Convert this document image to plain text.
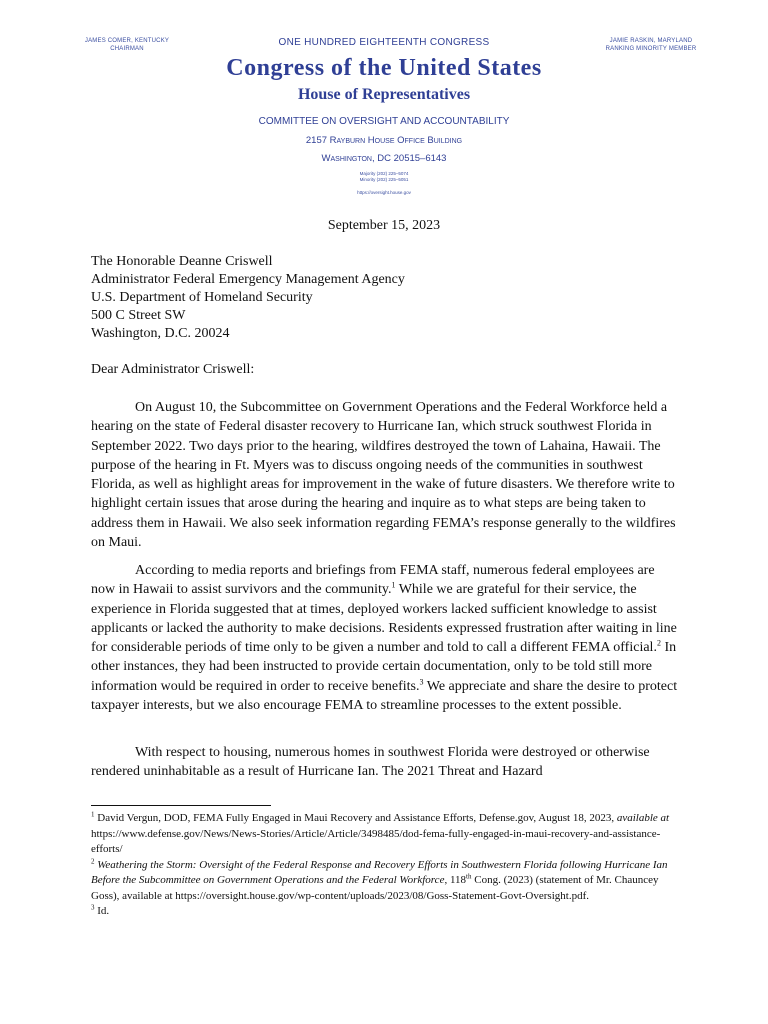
JAMES COMER, KENTUCKY
CHAIRMAN
JAMIE RASKIN, MARYLAND
RANKING MINORITY MEMBER
ONE HUNDRED EIGHTEENTH CONGRESS
Congress of the United States
House of Representatives
COMMITTEE ON OVERSIGHT AND ACCOUNTABILITY
2157 Rayburn House Office Building
Washington, DC 20515–6143
Majority (202) 225–5074
Minority (202) 225–5051
https://oversight.house.gov
September 15, 2023
The Honorable Deanne Criswell
Administrator Federal Emergency Management Agency
U.S. Department of Homeland Security
500 C Street SW
Washington, D.C. 20024
Dear Administrator Criswell:

On August 10, the Subcommittee on Government Operations and the Federal Workforce held a hearing on the state of Federal disaster recovery to Hurricane Ian, which struck southwest Florida in September 2022. Two days prior to the hearing, wildfires destroyed the town of Lahaina, Hawaii. The purpose of the hearing in Ft. Myers was to discuss ongoing needs of the communities in southwest Florida, as well as highlight areas for improvement in the wake of future disasters. We therefore write to highlight certain issues that arose during the hearing and inquire as to what steps are being taken to address them in Hawaii. We also seek information regarding FEMA’s response generally to the wildfires on Maui.

According to media reports and briefings from FEMA staff, numerous federal employees are now in Hawaii to assist survivors and the community.$^1$ While we are grateful for their service, the experience in Florida suggested that at times, deployed workers lacked sufficient knowledge to assist applicants or lacked the authority to make decisions. Residents expressed frustration after waiting in line for considerable periods of time only to be given a number and told to call a different FEMA official.$^2$ In other instances, they had been instructed to provide certain documentation, only to be told still more information would be required in order to receive benefits.$^3$ We appreciate and share the desire to protect taxpayer interests, but we also encourage FEMA to streamline processes to the extent possible.

With respect to housing, numerous homes in southwest Florida were destroyed or otherwise rendered uninhabitable as a result of Hurricane Ian. The 2021 Threat and Hazard

$^1$ David Vergun, DOD, FEMA Fully Engaged in Maui Recovery and Assistance Efforts, Defense.gov, August 18, 2023, available at https://www.defense.gov/News/News-Stories/Article/Article/3498485/dod-fema-fully-engaged-in-maui-recovery-and-assistance-efforts/

$^2$ Weathering the Storm: Oversight of the Federal Response and Recovery Efforts in Southwestern Florida following Hurricane Ian Before the Subcommittee on Government Operations and the Federal Workforce, 118th Cong. (2023) (statement of Mr. Chauncey Goss), available at https://oversight.house.gov/wp-content/uploads/2023/08/Goss-Statement-Govt-Oversight.pdf.

$^3$ Id.
